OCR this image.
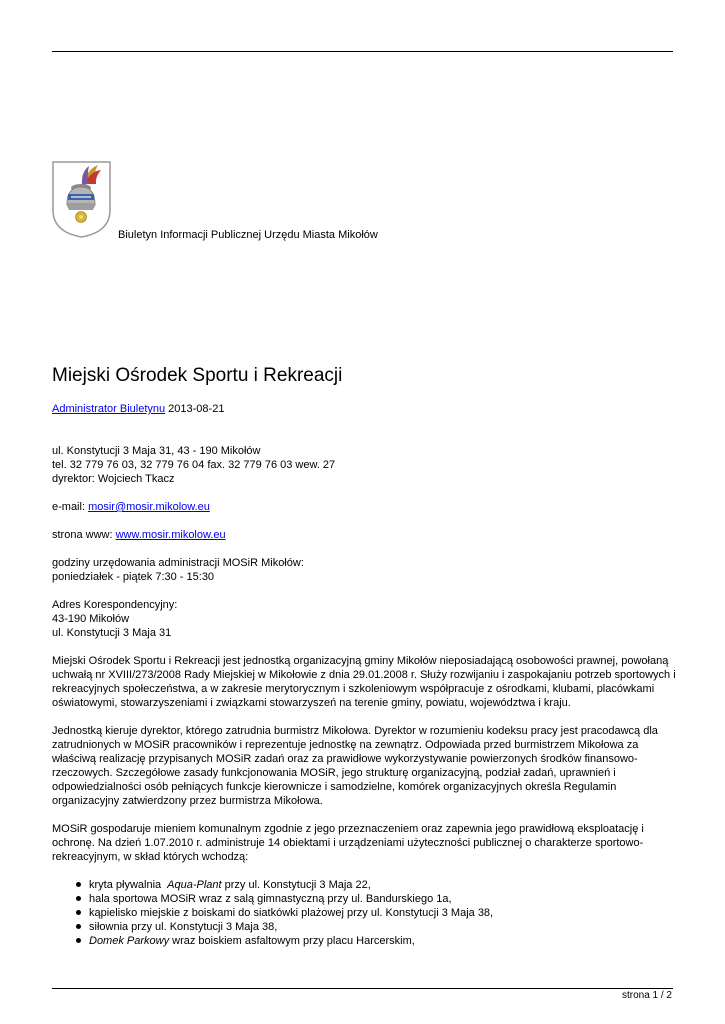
Biuletyn Informacji Publicznej Urzędu Miasta Mikołów
Miejski Ośrodek Sportu i Rekreacji

Administrator Biuletynu 2013-08-21

ul. Konstytucji 3 Maja 31, 43 - 190 Mikołów
tel. 32 779 76 03, 32 779 76 04 fax. 32 779 76 03 wew. 27
dyrektor: Wojciech Tkacz

e-mail: mosir@mosir.mikolow.eu

strona www: www.mosir.mikolow.eu

godziny urzędowania administracji MOSiR Mikołów:
poniedziałek - piątek 7:30 - 15:30

Adres Korespondencyjny:
43-190 Mikołów
ul. Konstytucji 3 Maja 31

Miejski Ośrodek Sportu i Rekreacji jest jednostką organizacyjną gminy Mikołów nieposiadającą osobowości prawnej, powołaną uchwałą nr XVIII/273/2008 Rady Miejskiej w Mikołowie z dnia 29.01.2008 r. Służy rozwijaniu i zaspokajaniu potrzeb sportowych i rekreacyjnych społeczeństwa, a w zakresie merytorycznym i szkoleniowym współpracuje z ośrodkami, klubami, placówkami oświatowymi, stowarzyszeniami i związkami stowarzyszeń na terenie gminy, powiatu, województwa i kraju.

Jednostką kieruje dyrektor, którego zatrudnia burmistrz Mikołowa. Dyrektor w rozumieniu kodeksu pracy jest pracodawcą dla zatrudnionych w MOSiR pracowników i reprezentuje jednostkę na zewnątrz. Odpowiada przed burmistrzem Mikołowa za właściwą realizację przypisanych MOSiR zadań oraz za prawidłowe wykorzystywanie powierzonych środków finansowo-rzeczowych. Szczegółowe zasady funkcjonowania MOSiR, jego strukturę organizacyjną, podział zadań, uprawnień i odpowiedzialności osób pełniących funkcje kierownicze i samodzielne, komórek organizacyjnych określa Regulamin organizacyjny zatwierdzony przez burmistrza Mikołowa.

MOSiR gospodaruje mieniem komunalnym zgodnie z jego przeznaczeniem oraz zapewnia jego prawidłową eksploatację i ochronę. Na dzień 1.07.2010 r. administruje 14 obiektami i urządzeniami użyteczności publicznej o charakterze sportowo-rekreacyjnym, w skład których wchodzą:

kryta pływalnia Aqua-Plant przy ul. Konstytucji 3 Maja 22,
hala sportowa MOSiR wraz z salą gimnastyczną przy ul. Bandurskiego 1a,
kąpielisko miejskie z boiskami do siatkówki plażowej przy ul. Konstytucji 3 Maja 38,
siłownia przy ul. Konstytucji 3 Maja 38,
Domek Parkowy wraz boiskiem asfaltowym przy placu Harcerskim,
strona 1 / 2
